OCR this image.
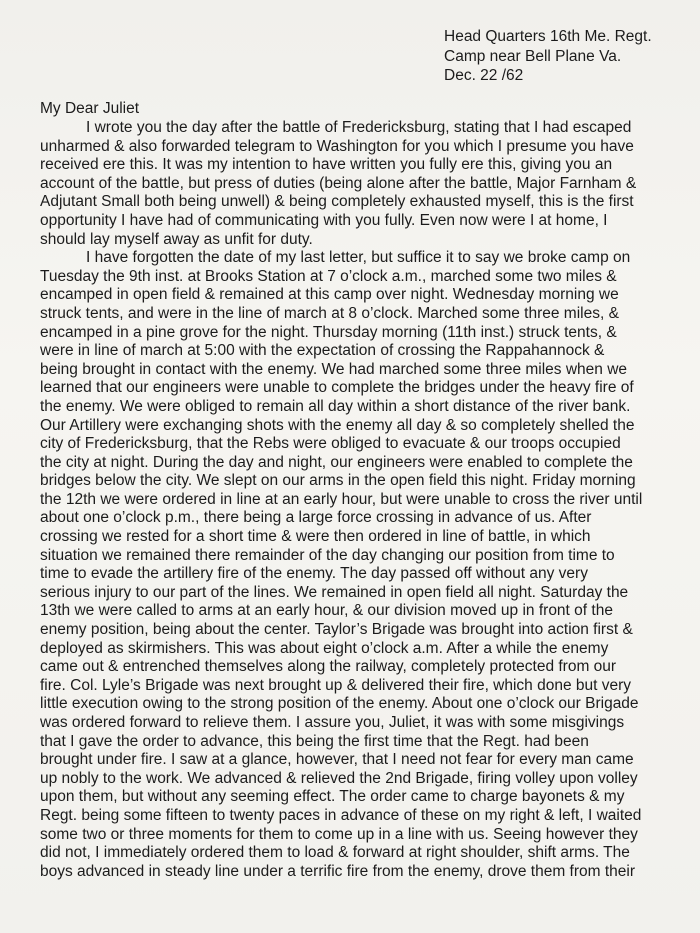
Head Quarters 16th Me. Regt.
Camp near Bell Plane Va.
Dec. 22 /62
My Dear Juliet
I wrote you the day after the battle of Fredericksburg, stating that I had escaped
unharmed & also forwarded telegram to Washington for you which I presume you have
received ere this. It was my intention to have written you fully ere this, giving you an
account of the battle, but press of duties (being alone after the battle, Major Farnham &
Adjutant Small both being unwell) & being completely exhausted myself, this is the first
opportunity I have had of communicating with you fully. Even now were I at home, I
should lay myself away as unfit for duty.
I have forgotten the date of my last letter, but suffice it to say we broke camp on
Tuesday the 9th inst. at Brooks Station at 7 o’clock a.m., marched some two miles &
encamped in open field & remained at this camp over night. Wednesday morning we
struck tents, and were in the line of march at 8 o’clock. Marched some three miles, &
encamped in a pine grove for the night. Thursday morning (11th inst.) struck tents, &
were in line of march at 5:00 with the expectation of crossing the Rappahannock &
being brought in contact with the enemy. We had marched some three miles when we
learned that our engineers were unable to complete the bridges under the heavy fire of
the enemy. We were obliged to remain all day within a short distance of the river bank.
Our Artillery were exchanging shots with the enemy all day & so completely shelled the
city of Fredericksburg, that the Rebs were obliged to evacuate & our troops occupied
the city at night. During the day and night, our engineers were enabled to complete the
bridges below the city. We slept on our arms in the open field this night. Friday morning
the 12th we were ordered in line at an early hour, but were unable to cross the river until
about one o’clock p.m., there being a large force crossing in advance of us. After
crossing we rested for a short time & were then ordered in line of battle, in which
situation we remained there remainder of the day changing our position from time to
time to evade the artillery fire of the enemy. The day passed off without any very
serious injury to our part of the lines. We remained in open field all night. Saturday the
13th we were called to arms at an early hour, & our division moved up in front of the
enemy position, being about the center. Taylor’s Brigade was brought into action first &
deployed as skirmishers. This was about eight o’clock a.m. After a while the enemy
came out & entrenched themselves along the railway, completely protected from our
fire. Col. Lyle’s Brigade was next brought up & delivered their fire, which done but very
little execution owing to the strong position of the enemy. About one o’clock our Brigade
was ordered forward to relieve them. I assure you, Juliet, it was with some misgivings
that I gave the order to advance, this being the first time that the Regt. had been
brought under fire. I saw at a glance, however, that I need not fear for every man came
up nobly to the work. We advanced & relieved the 2nd Brigade, firing volley upon volley
upon them, but without any seeming effect. The order came to charge bayonets & my
Regt. being some fifteen to twenty paces in advance of these on my right & left, I waited
some two or three moments for them to come up in a line with us. Seeing however they
did not, I immediately ordered them to load & forward at right shoulder, shift arms. The
boys advanced in steady line under a terrific fire from the enemy, drove them from their
